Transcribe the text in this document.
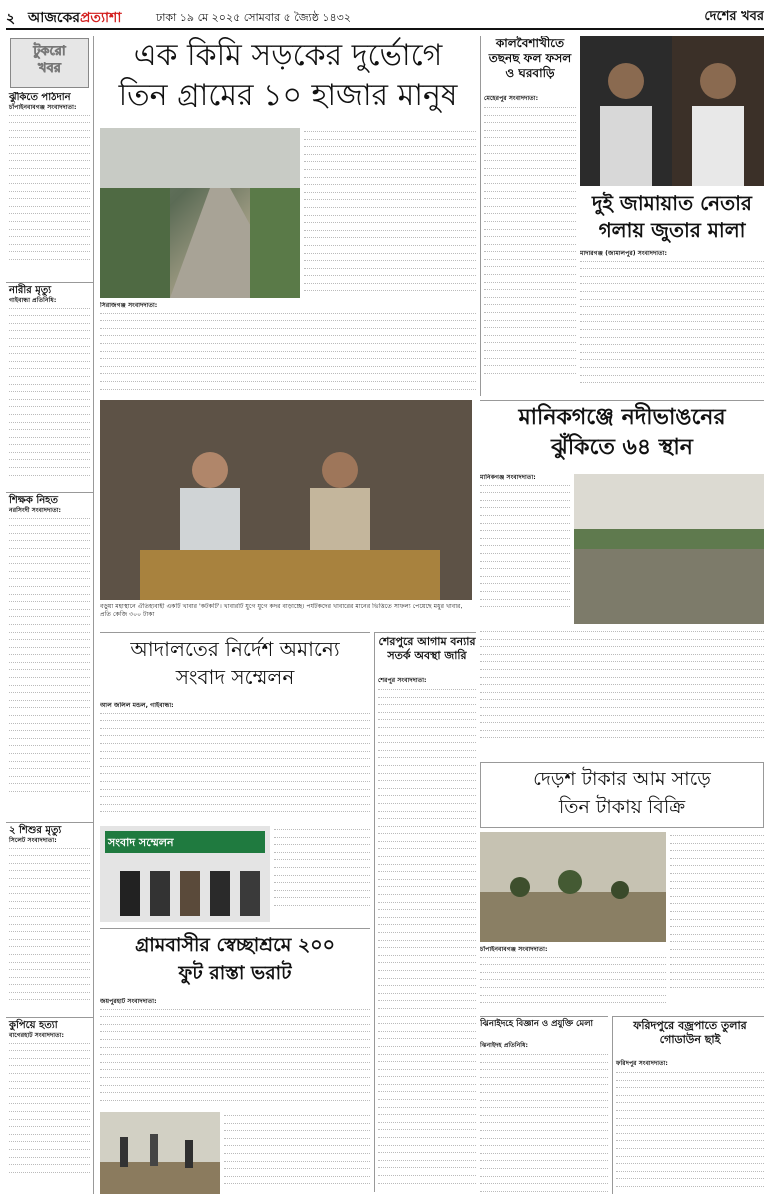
২ আজকেরপ্রত্যাশা	ঢাকা ১৯ মে ২০২৫ সোমবার ৫ জ্যৈষ্ঠ ১৪৩২	দেশের খবর
টুকরো
খবর
ঝুঁকিতে পাঠদান
চাঁপাইনবাবগঞ্জ সংবাদদাতা:
নারীর মৃত্যু
গাইবান্ধা প্রতিনিধি:
শিক্ষক নিহত
নরসিংদী সংবাদদাতা:
২ শিশুর মৃত্যু
সিলেট সংবাদদাতা:
কুপিয়ে হত্যা
বাগেরহাট সংবাদদাতা:
এক কিমি সড়কের দুর্ভোগে
তিন গ্রামের ১০ হাজার মানুষ
সিরাজগঞ্জ সংবাদদাতা:
কালবৈশাখীতে তছনছ ফল ফসল ও ঘরবাড়ি
মেহেরপুর সংবাদদাতা:
দুই জামায়াত নেতার
গলায় জুতার মালা
মাদারগঞ্জ (জামালপুর) সংবাদদাতা:
বড়ুয়া মহাস্থানে ঐতিহ্যবাহী একটি খাবার 'কটকটি'। খাবারটি যুগে যুগে কদর বাড়াচ্ছে। পর্যটকদের খাবারের মানের ভিত্তিতে সাফল্য পেয়েছে মধুর খাবার, প্রতি কেজি ৩০০ টাকা
মানিকগঞ্জে নদীভাঙনের
ঝুঁকিতে ৬৪ স্থান
মানিকগঞ্জ সংবাদদাতা:
আদালতের নির্দেশ অমান্যে
সংবাদ সম্মেলন
আল জলিল মন্ডল, গাইবান্ধা:
সংবাদ সম্মেলন
শেরপুরে আগাম বন্যার সতর্ক অবস্থা জারি
শেরপুর সংবাদদাতা:
দেড়শ টাকার আম সাড়ে
তিন টাকায় বিক্রি
চাঁপাইনবাবগঞ্জ সংবাদদাতা:
গ্রামবাসীর স্বেচ্ছাশ্রমে ২০০
ফুট রাস্তা ভরাট
জয়পুরহাট সংবাদদাতা:
ঝিনাইদহে বিজ্ঞান ও প্রযুক্তি মেলা
ঝিনাইদহ প্রতিনিধি:
ফরিদপুরে বজ্রপাতে তুলার গোডাউন ছাই
ফরিদপুর সংবাদদাতা:
